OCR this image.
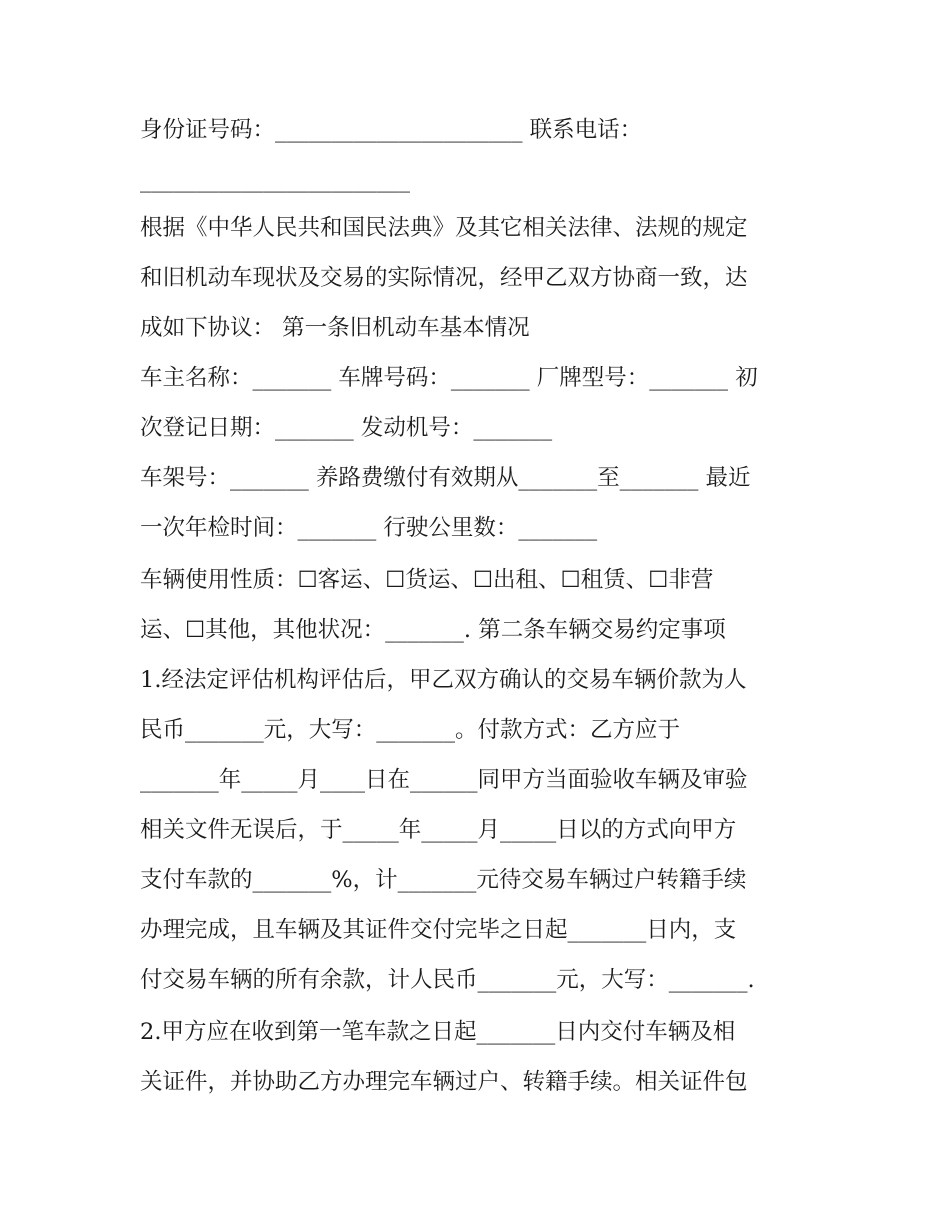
身份证号码：______________________ 联系电话：
________________________
根据《中华人民共和国民法典》及其它相关法律、法规的规定
和旧机动车现状及交易的实际情况，经甲乙双方协商一致，达
成如下协议： 第一条旧机动车基本情况
车主名称：_______ 车牌号码：_______ 厂牌型号：_______ 初
次登记日期：_______ 发动机号：_______
车架号：_______ 养路费缴付有效期从_______至_______ 最近
一次年检时间：_______ 行驶公里数：_______
车辆使用性质：☐客运、☐货运、☐出租、☐租赁、☐非营
运、☐其他，其他状况：_______. 第二条车辆交易约定事项
1.经法定评估机构评估后，甲乙双方确认的交易车辆价款为人
民币_______元，大写：_______。付款方式：乙方应于
_______年_____月____日在______同甲方当面验收车辆及审验
相关文件无误后，于_____年_____月_____日以的方式向甲方
支付车款的_______%，计_______元待交易车辆过户转籍手续
办理完成，且车辆及其证件交付完毕之日起_______日内，支
付交易车辆的所有余款，计人民币_______元，大写：_______.
2.甲方应在收到第一笔车款之日起_______日内交付车辆及相
关证件，并协助乙方办理完车辆过户、转籍手续。相关证件包
